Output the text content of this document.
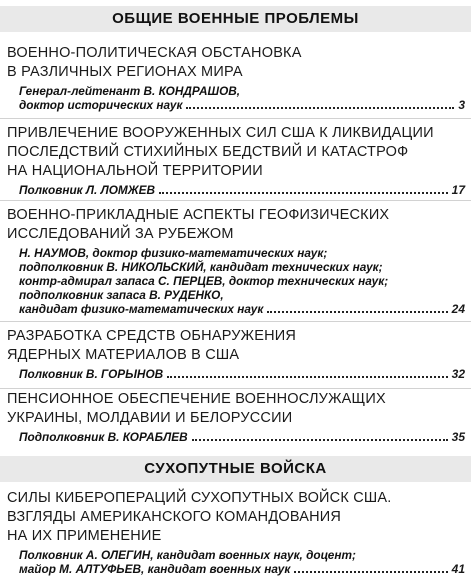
ОБЩИЕ ВОЕННЫЕ ПРОБЛЕМЫ
ВОЕННО-ПОЛИТИЧЕСКАЯ ОБСТАНОВКА
В РАЗЛИЧНЫХ РЕГИОНАХ МИРА
Генерал-лейтенант В. КОНДРАШОВ,
доктор исторических наук	3
ПРИВЛЕЧЕНИЕ ВООРУЖЕННЫХ СИЛ США К ЛИКВИДАЦИИ
ПОСЛЕДСТВИЙ СТИХИЙНЫХ БЕДСТВИЙ И КАТАСТРОФ
НА НАЦИОНАЛЬНОЙ ТЕРРИТОРИИ
Полковник Л. ЛОМЖЕВ	17
ВОЕННО-ПРИКЛАДНЫЕ АСПЕКТЫ ГЕОФИЗИЧЕСКИХ
ИССЛЕДОВАНИЙ ЗА РУБЕЖОМ
Н. НАУМОВ, доктор физико-математических наук;
подполковник В. НИКОЛЬСКИЙ, кандидат технических наук;
контр-адмирал запаса С. ПЕРЦЕВ, доктор технических наук;
подполковник запаса В. РУДЕНКО,
кандидат физико-математических наук	24
РАЗРАБОТКА СРЕДСТВ ОБНАРУЖЕНИЯ
ЯДЕРНЫХ МАТЕРИАЛОВ В США
Полковник В. ГОРЫНОВ	32
ПЕНСИОННОЕ ОБЕСПЕЧЕНИЕ ВОЕННОСЛУЖАЩИХ
УКРАИНЫ, МОЛДАВИИ И БЕЛОРУССИИ
Подполковник В. КОРАБЛЕВ	35
СУХОПУТНЫЕ ВОЙСКА
СИЛЫ КИБЕРОПЕРАЦИЙ СУХОПУТНЫХ ВОЙСК США.
ВЗГЛЯДЫ АМЕРИКАНСКОГО КОМАНДОВАНИЯ
НА ИХ ПРИМЕНЕНИЕ
Полковник А. ОЛЕГИН, кандидат военных наук, доцент;
майор М. АЛТУФЬЕВ, кандидат военных наук	41
